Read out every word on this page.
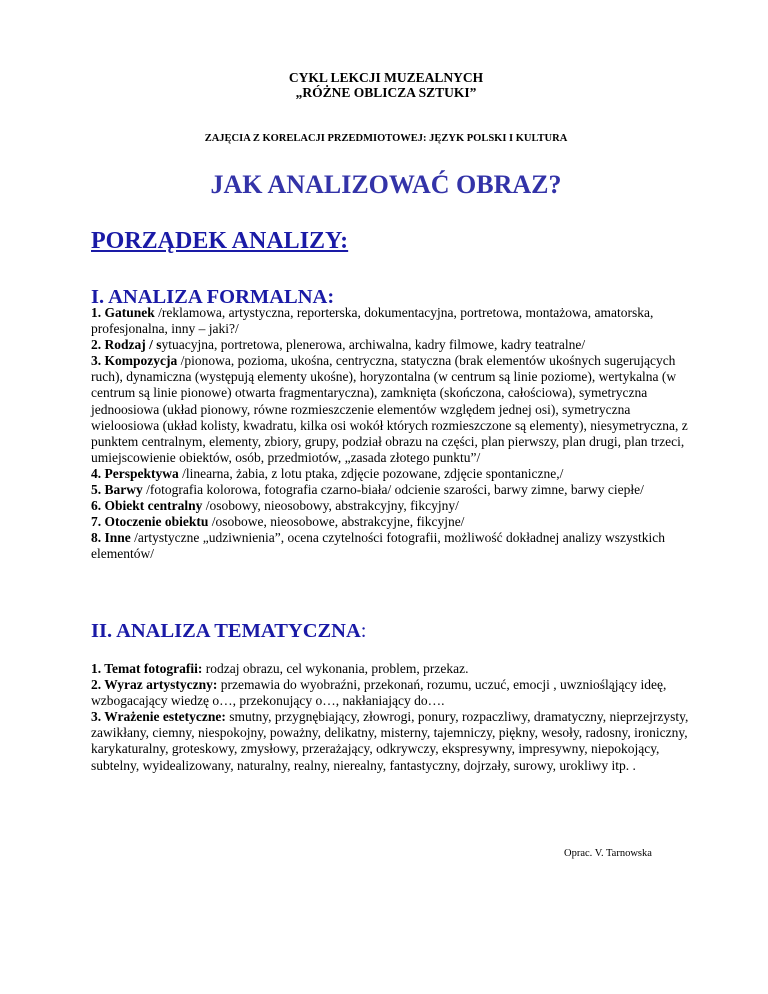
CYKL LEKCJI MUZEALNYCH
„RÓŻNE OBLICZA SZTUKI”
ZAJĘCIA Z KORELACJI PRZEDMIOTOWEJ: JĘZYK POLSKI I KULTURA
JAK ANALIZOWAĆ OBRAZ?
PORZĄDEK ANALIZY:
I. ANALIZA FORMALNA:

1. Gatunek /reklamowa, artystyczna, reporterska, dokumentacyjna, portretowa, montażowa, amatorska, profesjonalna, inny – jaki?/

2. Rodzaj / sytuacyjna, portretowa, plenerowa, archiwalna, kadry filmowe, kadry teatralne/

3. Kompozycja /pionowa, pozioma, ukośna, centryczna, statyczna (brak elementów ukośnych sugerujących ruch), dynamiczna (występują elementy ukośne), horyzontalna (w centrum są linie poziome), wertykalna (w centrum są linie pionowe) otwarta fragmentaryczna), zamknięta (skończona, całościowa), symetryczna jednoosiowa (układ pionowy, równe rozmieszczenie elementów względem jednej osi), symetryczna wieloosiowa (układ kolisty, kwadratu, kilka osi wokół których rozmieszczone są elementy), niesymetryczna, z punktem centralnym, elementy, zbiory, grupy, podział obrazu na części, plan pierwszy, plan drugi, plan trzeci, umiejscowienie obiektów, osób, przedmiotów, „zasada złotego punktu”/

4. Perspektywa /linearna, żabia, z lotu ptaka, zdjęcie pozowane, zdjęcie spontaniczne,/

5. Barwy /fotografia kolorowa, fotografia czarno-biała/ odcienie szarości, barwy zimne, barwy ciepłe/

6. Obiekt centralny /osobowy, nieosobowy, abstrakcyjny, fikcyjny/

7. Otoczenie obiektu /osobowe, nieosobowe, abstrakcyjne, fikcyjne/

8. Inne /artystyczne „udziwnienia”, ocena czytelności fotografii, możliwość dokładnej analizy wszystkich elementów/

II. ANALIZA TEMATYCZNA:

1. Temat fotografii: rodzaj obrazu, cel wykonania, problem, przekaz.

2. Wyraz artystyczny: przemawia do wyobraźni, przekonań, rozumu, uczuć, emocji , uwzniośląjący ideę, wzbogacający wiedzę o…, przekonujący o…, nakłaniający do….

3. Wrażenie estetyczne: smutny, przygnębiający, złowrogi, ponury, rozpaczliwy, dramatyczny, nieprzejrzysty, zawikłany, ciemny, niespokojny, poważny, delikatny, misterny, tajemniczy, piękny, wesoły, radosny, ironiczny, karykaturalny, groteskowy, zmysłowy, przerażający, odkrywczy, ekspresywny, impresywny, niepokojący, subtelny, wyidealizowany, naturalny, realny, nierealny, fantastyczny, dojrzały, surowy, urokliwy itp. .

Oprac. V. Tarnowska
